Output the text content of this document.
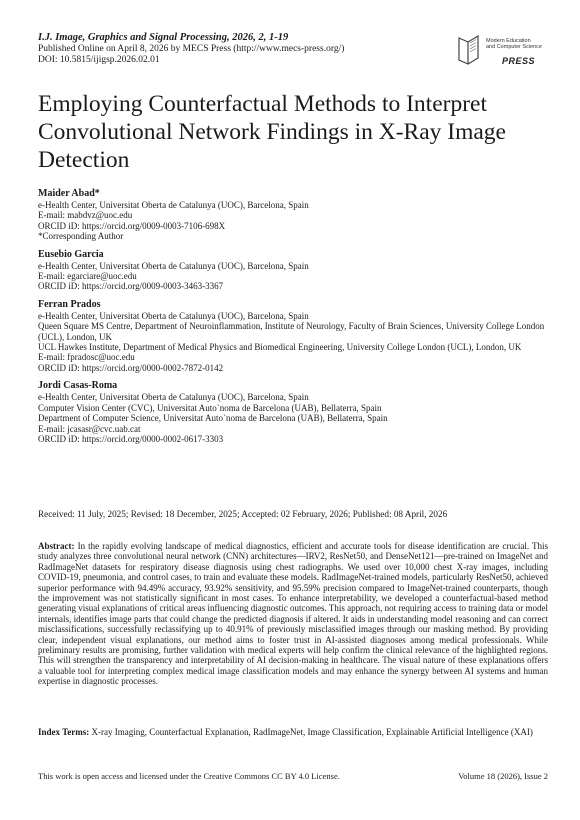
I.J. Image, Graphics and Signal Processing, 2026, 2, 1-19
Published Online on April 8, 2026 by MECS Press (http://www.mecs-press.org/)
DOI: 10.5815/ijigsp.2026.02.01
Modern Education
and Computer Science
PRESS
Employing Counterfactual Methods to Interpret Convolutional Network Findings in X-Ray Image Detection
Maider Abad*
e-Health Center, Universitat Oberta de Catalunya (UOC), Barcelona, Spain
E-mail: mabdvz@uoc.edu
ORCID iD: https://orcid.org/0009-0003-7106-698X
*Corresponding Author
Eusebio Garcia
e-Health Center, Universitat Oberta de Catalunya (UOC), Barcelona, Spain
E-mail: egarciare@uoc.edu
ORCID iD: https://orcid.org/0009-0003-3463-3367
Ferran Prados
e-Health Center, Universitat Oberta de Catalunya (UOC), Barcelona, Spain
Queen Square MS Centre, Department of Neuroinflammation, Institute of Neurology, Faculty of Brain Sciences, University College London (UCL), London, UK
UCL Hawkes Institute, Department of Medical Physics and Biomedical Engineering, University College London (UCL), London, UK
E-mail: fpradosc@uoc.edu
ORCID iD: https://orcid.org/0000-0002-7872-0142
Jordi Casas-Roma
e-Health Center, Universitat Oberta de Catalunya (UOC), Barcelona, Spain
Computer Vision Center (CVC), Universitat Auto`noma de Barcelona (UAB), Bellaterra, Spain
Department of Computer Science, Universitat Auto`noma de Barcelona (UAB), Bellaterra, Spain
E-mail: jcasasr@cvc.uab.cat
ORCID iD: https://orcid.org/0000-0002-0617-3303
Received: 11 July, 2025; Revised: 18 December, 2025; Accepted: 02 February, 2026; Published: 08 April, 2026
Abstract: In the rapidly evolving landscape of medical diagnostics, efficient and accurate tools for disease identification are crucial. This study analyzes three convolutional neural network (CNN) architectures—IRV2, ResNet50, and DenseNet121—pre-trained on ImageNet and RadImageNet datasets for respiratory disease diagnosis using chest radiographs. We used over 10,000 chest X-ray images, including COVID-19, pneumonia, and control cases, to train and evaluate these models. RadImageNet-trained models, particularly ResNet50, achieved superior performance with 94.49% accuracy, 93.92% sensitivity, and 95.59% precision compared to ImageNet-trained counterparts, though the improvement was not statistically significant in most cases. To enhance interpretability, we developed a counterfactual-based method generating visual explanations of critical areas influencing diagnostic outcomes. This approach, not requiring access to training data or model internals, identifies image parts that could change the predicted diagnosis if altered. It aids in understanding model reasoning and can correct misclassifications, successfully reclassifying up to 40.91% of previously misclassified images through our masking method. By providing clear, independent visual explanations, our method aims to foster trust in AI-assisted diagnoses among medical professionals. While preliminary results are promising, further validation with medical experts will help confirm the clinical relevance of the highlighted regions. This will strengthen the transparency and interpretability of AI decision-making in healthcare. The visual nature of these explanations offers a valuable tool for interpreting complex medical image classification models and may enhance the synergy between AI systems and human expertise in diagnostic processes.
Index Terms: X-ray Imaging, Counterfactual Explanation, RadImageNet, Image Classification, Explainable Artificial Intelligence (XAI)
This work is open access and licensed under the Creative Commons CC BY 4.0 License.	Volume 18 (2026), Issue 2
